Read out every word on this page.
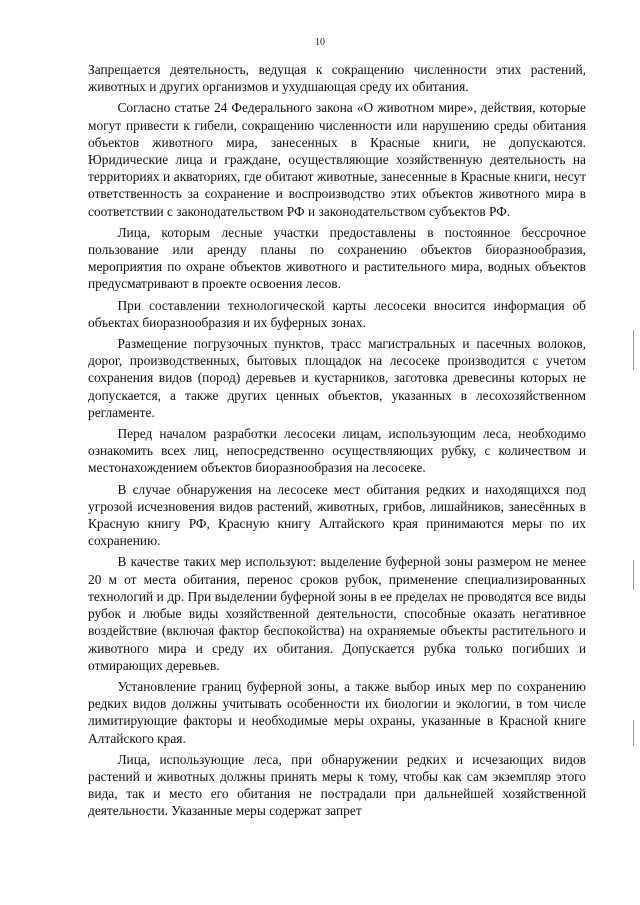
10

Запрещается деятельность, ведущая к сокращению численности этих растений, животных и других организмов и ухудшающая среду их обитания.

Согласно статье 24 Федерального закона «О животном мире», действия, которые могут привести к гибели, сокращению численности или нарушению среды обитания объектов животного мира, занесенных в Красные книги, не допускаются. Юридические лица и граждане, осуществляющие хозяйственную деятельность на территориях и акваториях, где обитают животные, занесенные в Красные книги, несут ответственность за сохранение и воспроизводство этих объектов животного мира в соответствии с законодательством РФ и законодательством субъектов РФ.

Лица, которым лесные участки предоставлены в постоянное бессрочное пользование или аренду планы по сохранению объектов биоразнообразия, мероприятия по охране объектов животного и растительного мира, водных объектов предусматривают в проекте освоения лесов.

При составлении технологической карты лесосеки вносится информация об объектах биоразнообразия и их буферных зонах.

Размещение погрузочных пунктов, трасс магистральных и пасечных волоков, дорог, производственных, бытовых площадок на лесосеке производится с учетом сохранения видов (пород) деревьев и кустарников, заготовка древесины которых не допускается, а также других ценных объектов, указанных в лесохозяйственном регламенте.

Перед началом разработки лесосеки лицам, использующим леса, необходимо ознакомить всех лиц, непосредственно осуществляющих рубку, с количеством и местонахождением объектов биоразнообразия на лесосеке.

В случае обнаружения на лесосеке мест обитания редких и находящихся под угрозой исчезновения видов растений, животных, грибов, лишайников, занесённых в Красную книгу РФ, Красную книгу Алтайского края принимаются меры по их сохранению.

В качестве таких мер используют: выделение буферной зоны размером не менее 20 м от места обитания, перенос сроков рубок, применение специализированных технологий и др. При выделении буферной зоны в ее пределах не проводятся все виды рубок и любые виды хозяйственной деятельности, способные оказать негативное воздействие (включая фактор беспокойства) на охраняемые объекты растительного и животного мира и среду их обитания. Допускается рубка только погибших и отмирающих деревьев.

Установление границ буферной зоны, а также выбор иных мер по сохранению редких видов должны учитывать особенности их биологии и экологии, в том числе лимитирующие факторы и необходимые меры охраны, указанные в Красной книге Алтайского края.

Лица, использующие леса, при обнаружении редких и исчезающих видов растений и животных должны принять меры к тому, чтобы как сам экземпляр этого вида, так и место его обитания не пострадали при дальнейшей хозяйственной деятельности. Указанные меры содержат запрет
